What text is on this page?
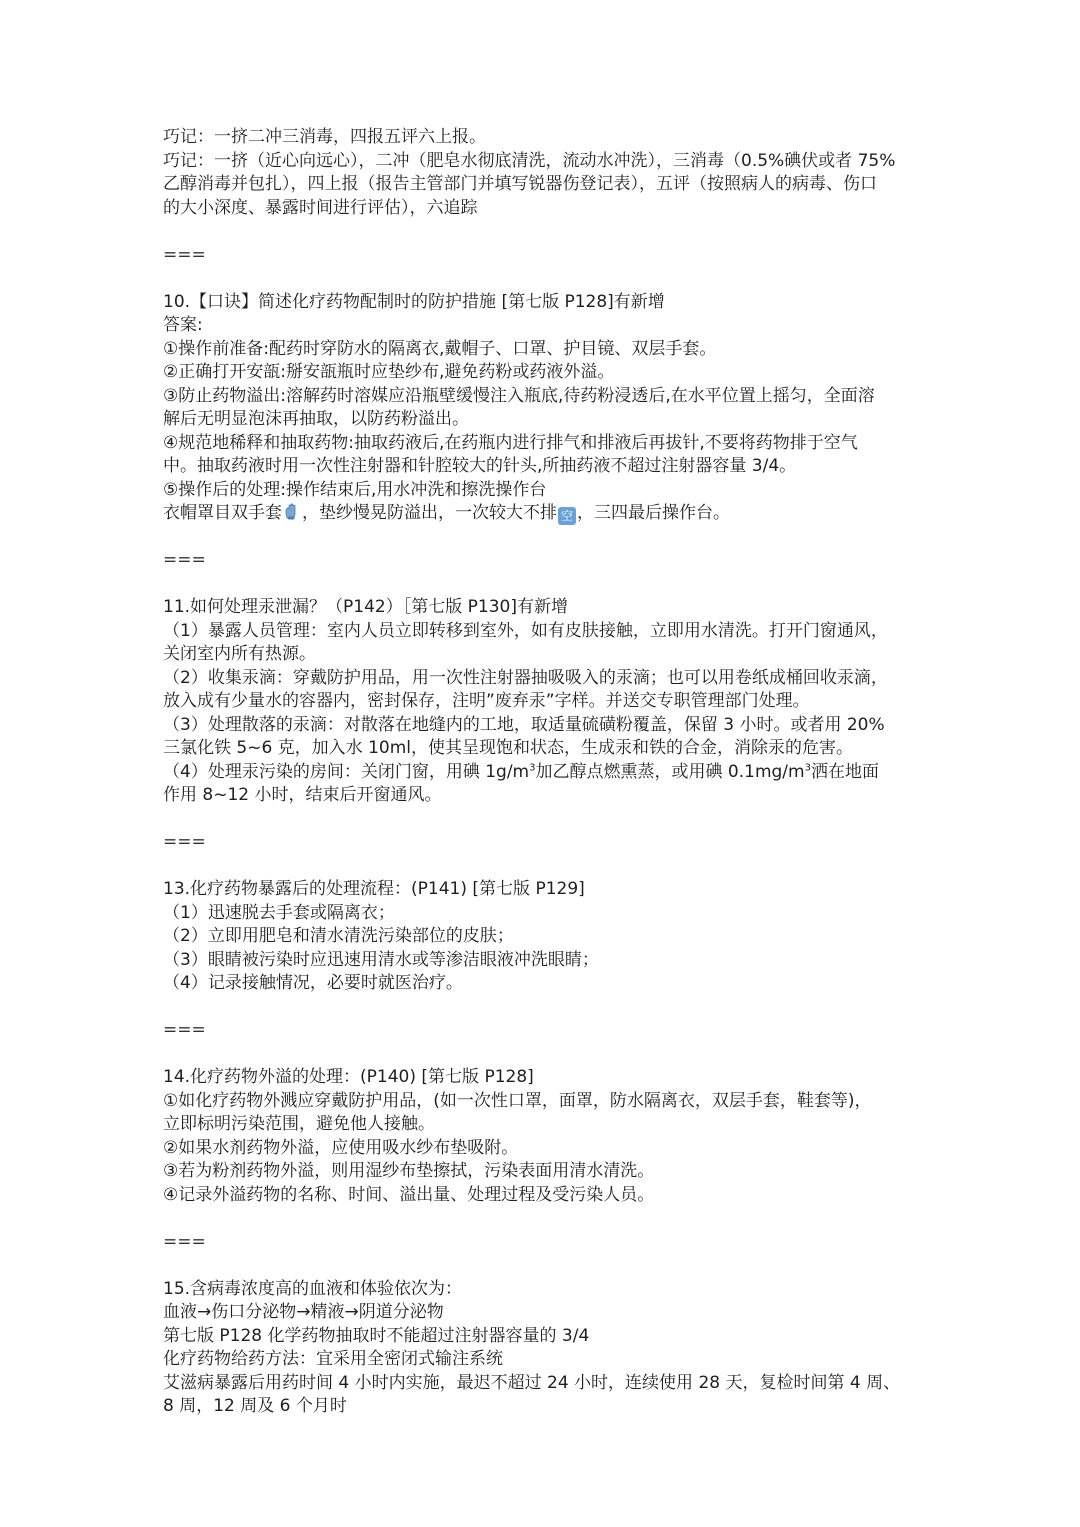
巧记：一挤二冲三消毒，四报五评六上报。
巧记：一挤（近心向远心），二冲（肥皂水彻底清洗，流动水冲洗），三消毒（0.5%碘伏或者 75%
乙醇消毒并包扎），四上报（报告主管部门并填写锐器伤登记表），五评（按照病人的病毒、伤口
的大小深度、暴露时间进行评估），六追踪
===
10.【口诀】简述化疗药物配制时的防护措施 [第七版 P128]有新增
答案:
①操作前准备:配药时穿防水的隔离衣,戴帽子、口罩、护目镜、双层手套。
②正确打开安瓿:掰安瓿瓶时应垫纱布,避免药粉或药液外溢。
③防止药物溢出:溶解药时溶媒应沿瓶壁缓慢注入瓶底,待药粉浸透后,在水平位置上摇匀，全面溶
解后无明显泡沫再抽取，以防药粉溢出。
④规范地稀释和抽取药物:抽取药液后,在药瓶内进行排气和排液后再拔针,不要将药物排于空气
中。抽取药液时用一次性注射器和针腔较大的针头,所抽药液不超过注射器容量 3/4。
⑤操作后的处理:操作结束后,用水冲洗和擦洗操作台
衣帽罩目双手套 ，垫纱慢晃防溢出，一次较大不排 空 ，三四最后操作台。
===
11.如何处理汞泄漏？（P142）［第七版 P130]有新增
（1）暴露人员管理：室内人员立即转移到室外，如有皮肤接触，立即用水清洗。打开门窗通风，
关闭室内所有热源。
（2）收集汞滴：穿戴防护用品，用一次性注射器抽吸吸入的汞滴；也可以用卷纸成桶回收汞滴，
放入成有少量水的容器内，密封保存，注明”废弃汞”字样。并送交专职管理部门处理。
（3）处理散落的汞滴：对散落在地缝内的工地，取适量硫磺粉覆盖，保留 3 小时。或者用 20%
三氯化铁 5~6 克，加入水 10ml，使其呈现饱和状态，生成汞和铁的合金，消除汞的危害。
（4）处理汞污染的房间：关闭门窗，用碘 $1g/m^3$加乙醇点燃熏蒸，或用碘 $0.1mg/m^3$洒在地面
作用 8~12 小时，结束后开窗通风。
===
13.化疗药物暴露后的处理流程：(P141) [第七版 P129]
（1）迅速脱去手套或隔离衣；
（2）立即用肥皂和清水清洗污染部位的皮肤；
（3）眼睛被污染时应迅速用清水或等渗洁眼液冲洗眼睛；
（4）记录接触情况，必要时就医治疗。
===
14.化疗药物外溢的处理：(P140) [第七版 P128]
①如化疗药物外溅应穿戴防护用品，(如一次性口罩，面罩，防水隔离衣，双层手套，鞋套等)，
立即标明污染范围，避免他人接触。
②如果水剂药物外溢，应使用吸水纱布垫吸附。
③若为粉剂药物外溢，则用湿纱布垫擦拭，污染表面用清水清洗。
④记录外溢药物的名称、时间、溢出量、处理过程及受污染人员。
===
15.含病毒浓度高的血液和体验依次为：
血液→伤口分泌物→精液→阴道分泌物
第七版 P128 化学药物抽取时不能超过注射器容量的 3/4
化疗药物给药方法：宜采用全密闭式输注系统
艾滋病暴露后用药时间 4 小时内实施，最迟不超过 24 小时，连续使用 28 天，复检时间第 4 周、
8 周，12 周及 6 个月时
